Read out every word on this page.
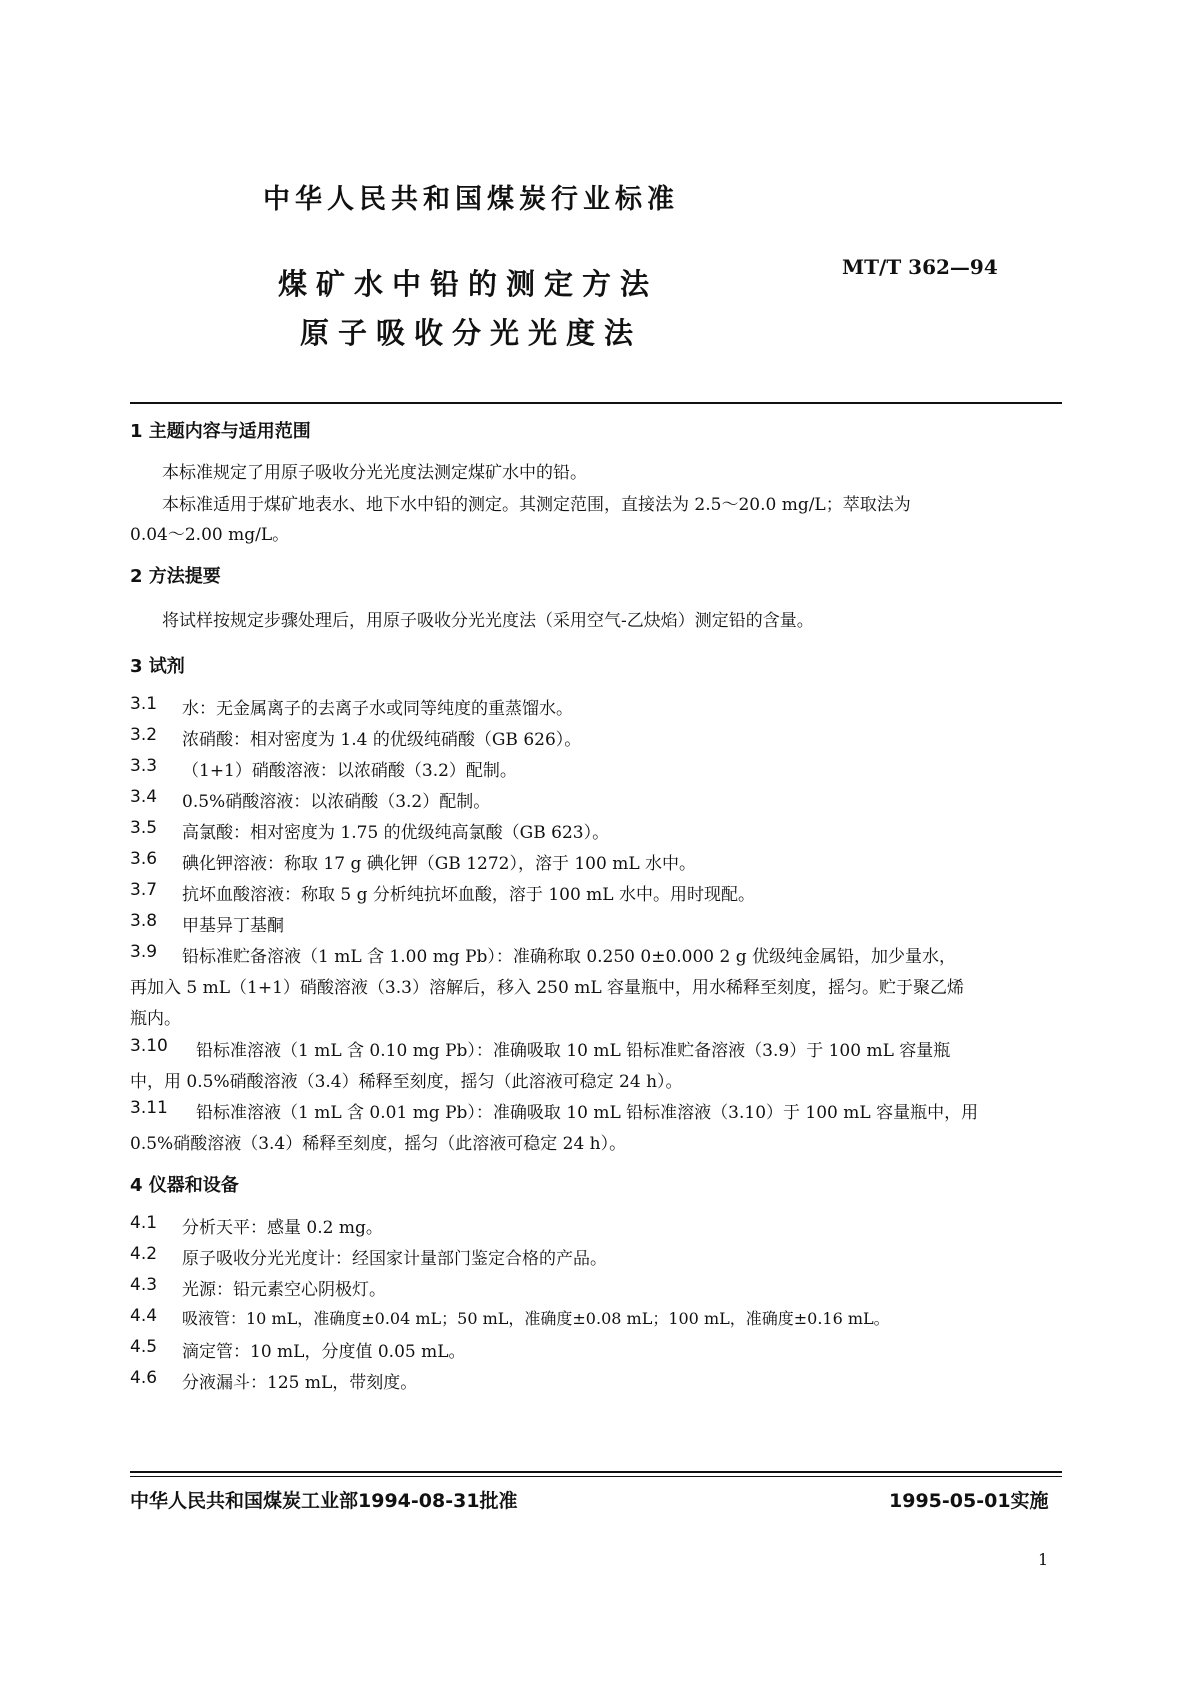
中华人民共和国煤炭行业标准
MT/T 362—94
煤矿水中铅的测定方法
原子吸收分光光度法
1 主题内容与适用范围
本标准规定了用原子吸收分光光度法测定煤矿水中的铅。
本标准适用于煤矿地表水、地下水中铅的测定。其测定范围，直接法为 2.5～20.0 mg/L；萃取法为
0.04～2.00 mg/L。
2 方法提要
将试样按规定步骤处理后，用原子吸收分光光度法（采用空气-乙炔焰）测定铅的含量。
3 试剂
3.1 水：无金属离子的去离子水或同等纯度的重蒸馏水。
3.2 浓硝酸：相对密度为 1.4 的优级纯硝酸（GB 626）。
3.3 （1+1）硝酸溶液：以浓硝酸（3.2）配制。
3.4 0.5%硝酸溶液：以浓硝酸（3.2）配制。
3.5 高氯酸：相对密度为 1.75 的优级纯高氯酸（GB 623）。
3.6 碘化钾溶液：称取 17 g 碘化钾（GB 1272），溶于 100 mL 水中。
3.7 抗坏血酸溶液：称取 5 g 分析纯抗坏血酸，溶于 100 mL 水中。用时现配。
3.8 甲基异丁基酮
3.9 铅标准贮备溶液（1 mL 含 1.00 mg Pb）：准确称取 0.250 0±0.000 2 g 优级纯金属铅，加少量水，
再加入 5 mL（1+1）硝酸溶液（3.3）溶解后，移入 250 mL 容量瓶中，用水稀释至刻度，摇匀。贮于聚乙烯
瓶内。
3.10 铅标准溶液（1 mL 含 0.10 mg Pb）：准确吸取 10 mL 铅标准贮备溶液（3.9）于 100 mL 容量瓶
中，用 0.5%硝酸溶液（3.4）稀释至刻度，摇匀（此溶液可稳定 24 h）。
3.11 铅标准溶液（1 mL 含 0.01 mg Pb）：准确吸取 10 mL 铅标准溶液（3.10）于 100 mL 容量瓶中，用
0.5%硝酸溶液（3.4）稀释至刻度，摇匀（此溶液可稳定 24 h）。
4 仪器和设备
4.1 分析天平：感量 0.2 mg。
4.2 原子吸收分光光度计：经国家计量部门鉴定合格的产品。
4.3 光源：铅元素空心阴极灯。
4.4 吸液管：10 mL，准确度±0.04 mL；50 mL，准确度±0.08 mL；100 mL，准确度±0.16 mL。
4.5 滴定管：10 mL，分度值 0.05 mL。
4.6 分液漏斗：125 mL，带刻度。
中华人民共和国煤炭工业部1994-08-31批准	1995-05-01实施
1
